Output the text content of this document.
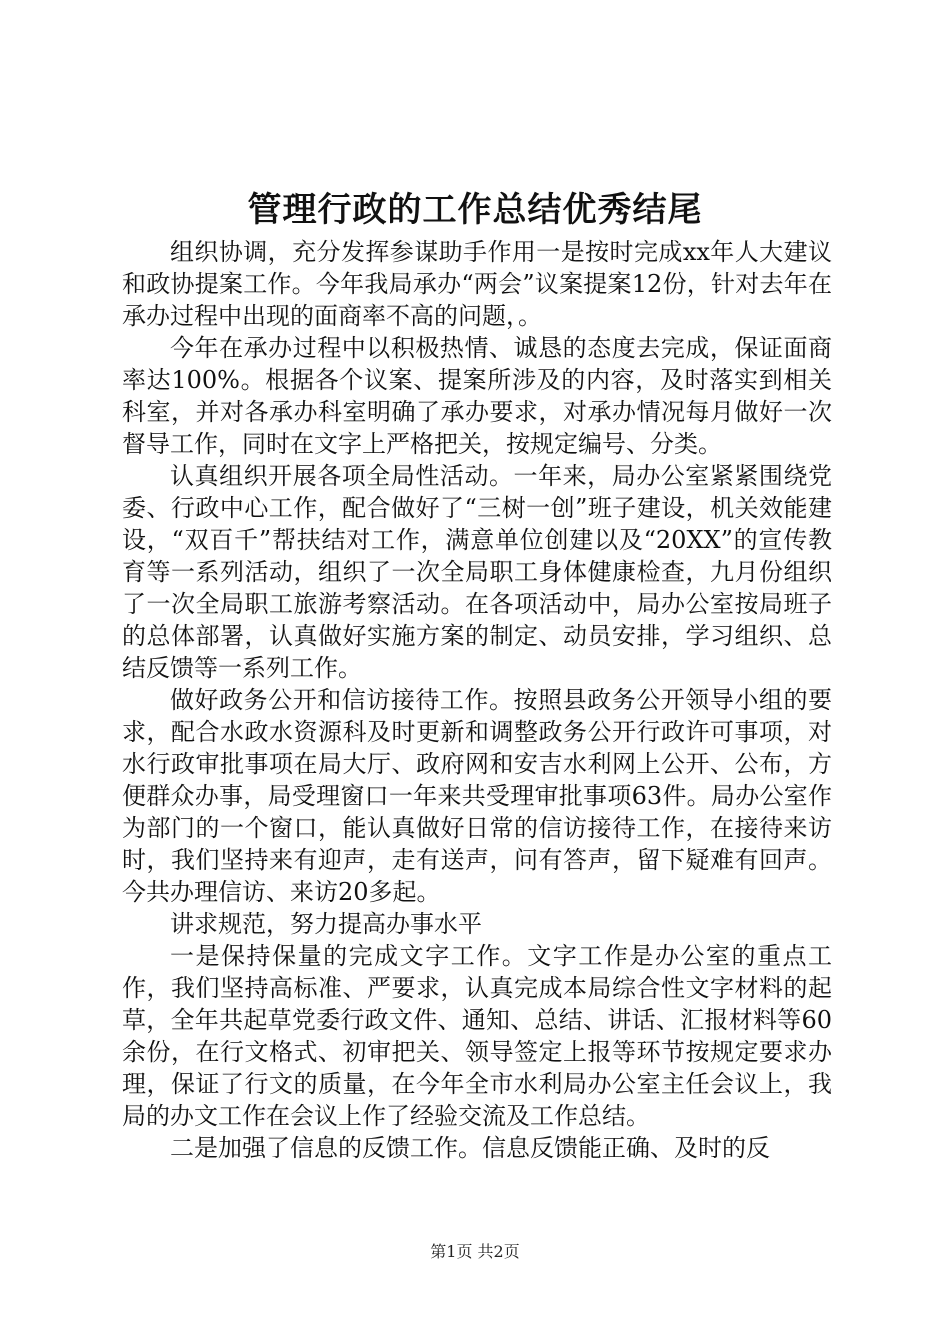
管理行政的工作总结优秀结尾

组织协调，充分发挥参谋助手作用一是按时完成xx年人大建议和政协提案工作。今年我局承办“两会”议案提案12份，针对去年在承办过程中出现的面商率不高的问题，。

今年在承办过程中以积极热情、诚恳的态度去完成，保证面商率达100%。根据各个议案、提案所涉及的内容，及时落实到相关科室，并对各承办科室明确了承办要求，对承办情况每月做好一次督导工作，同时在文字上严格把关，按规定编号、分类。

认真组织开展各项全局性活动。一年来，局办公室紧紧围绕党委、行政中心工作，配合做好了“三树一创”班子建设，机关效能建设，“双百千”帮扶结对工作，满意单位创建以及“20XX”的宣传教育等一系列活动，组织了一次全局职工身体健康检查，九月份组织了一次全局职工旅游考察活动。在各项活动中，局办公室按局班子的总体部署，认真做好实施方案的制定、动员安排，学习组织、总结反馈等一系列工作。

做好政务公开和信访接待工作。按照县政务公开领导小组的要求，配合水政水资源科及时更新和调整政务公开行政许可事项，对水行政审批事项在局大厅、政府网和安吉水利网上公开、公布，方便群众办事，局受理窗口一年来共受理审批事项63件。局办公室作为部门的一个窗口，能认真做好日常的信访接待工作，在接待来访时，我们坚持来有迎声，走有送声，问有答声，留下疑难有回声。今共办理信访、来访20多起。

讲求规范，努力提高办事水平

一是保持保量的完成文字工作。文字工作是办公室的重点工作，我们坚持高标准、严要求，认真完成本局综合性文字材料的起草，全年共起草党委行政文件、通知、总结、讲话、汇报材料等60余份，在行文格式、初审把关、领导签定上报等环节按规定要求办理，保证了行文的质量，在今年全市水利局办公室主任会议上，我局的办文工作在会议上作了经验交流及工作总结。

二是加强了信息的反馈工作。信息反馈能正确、及时的反

第1页 共2页
